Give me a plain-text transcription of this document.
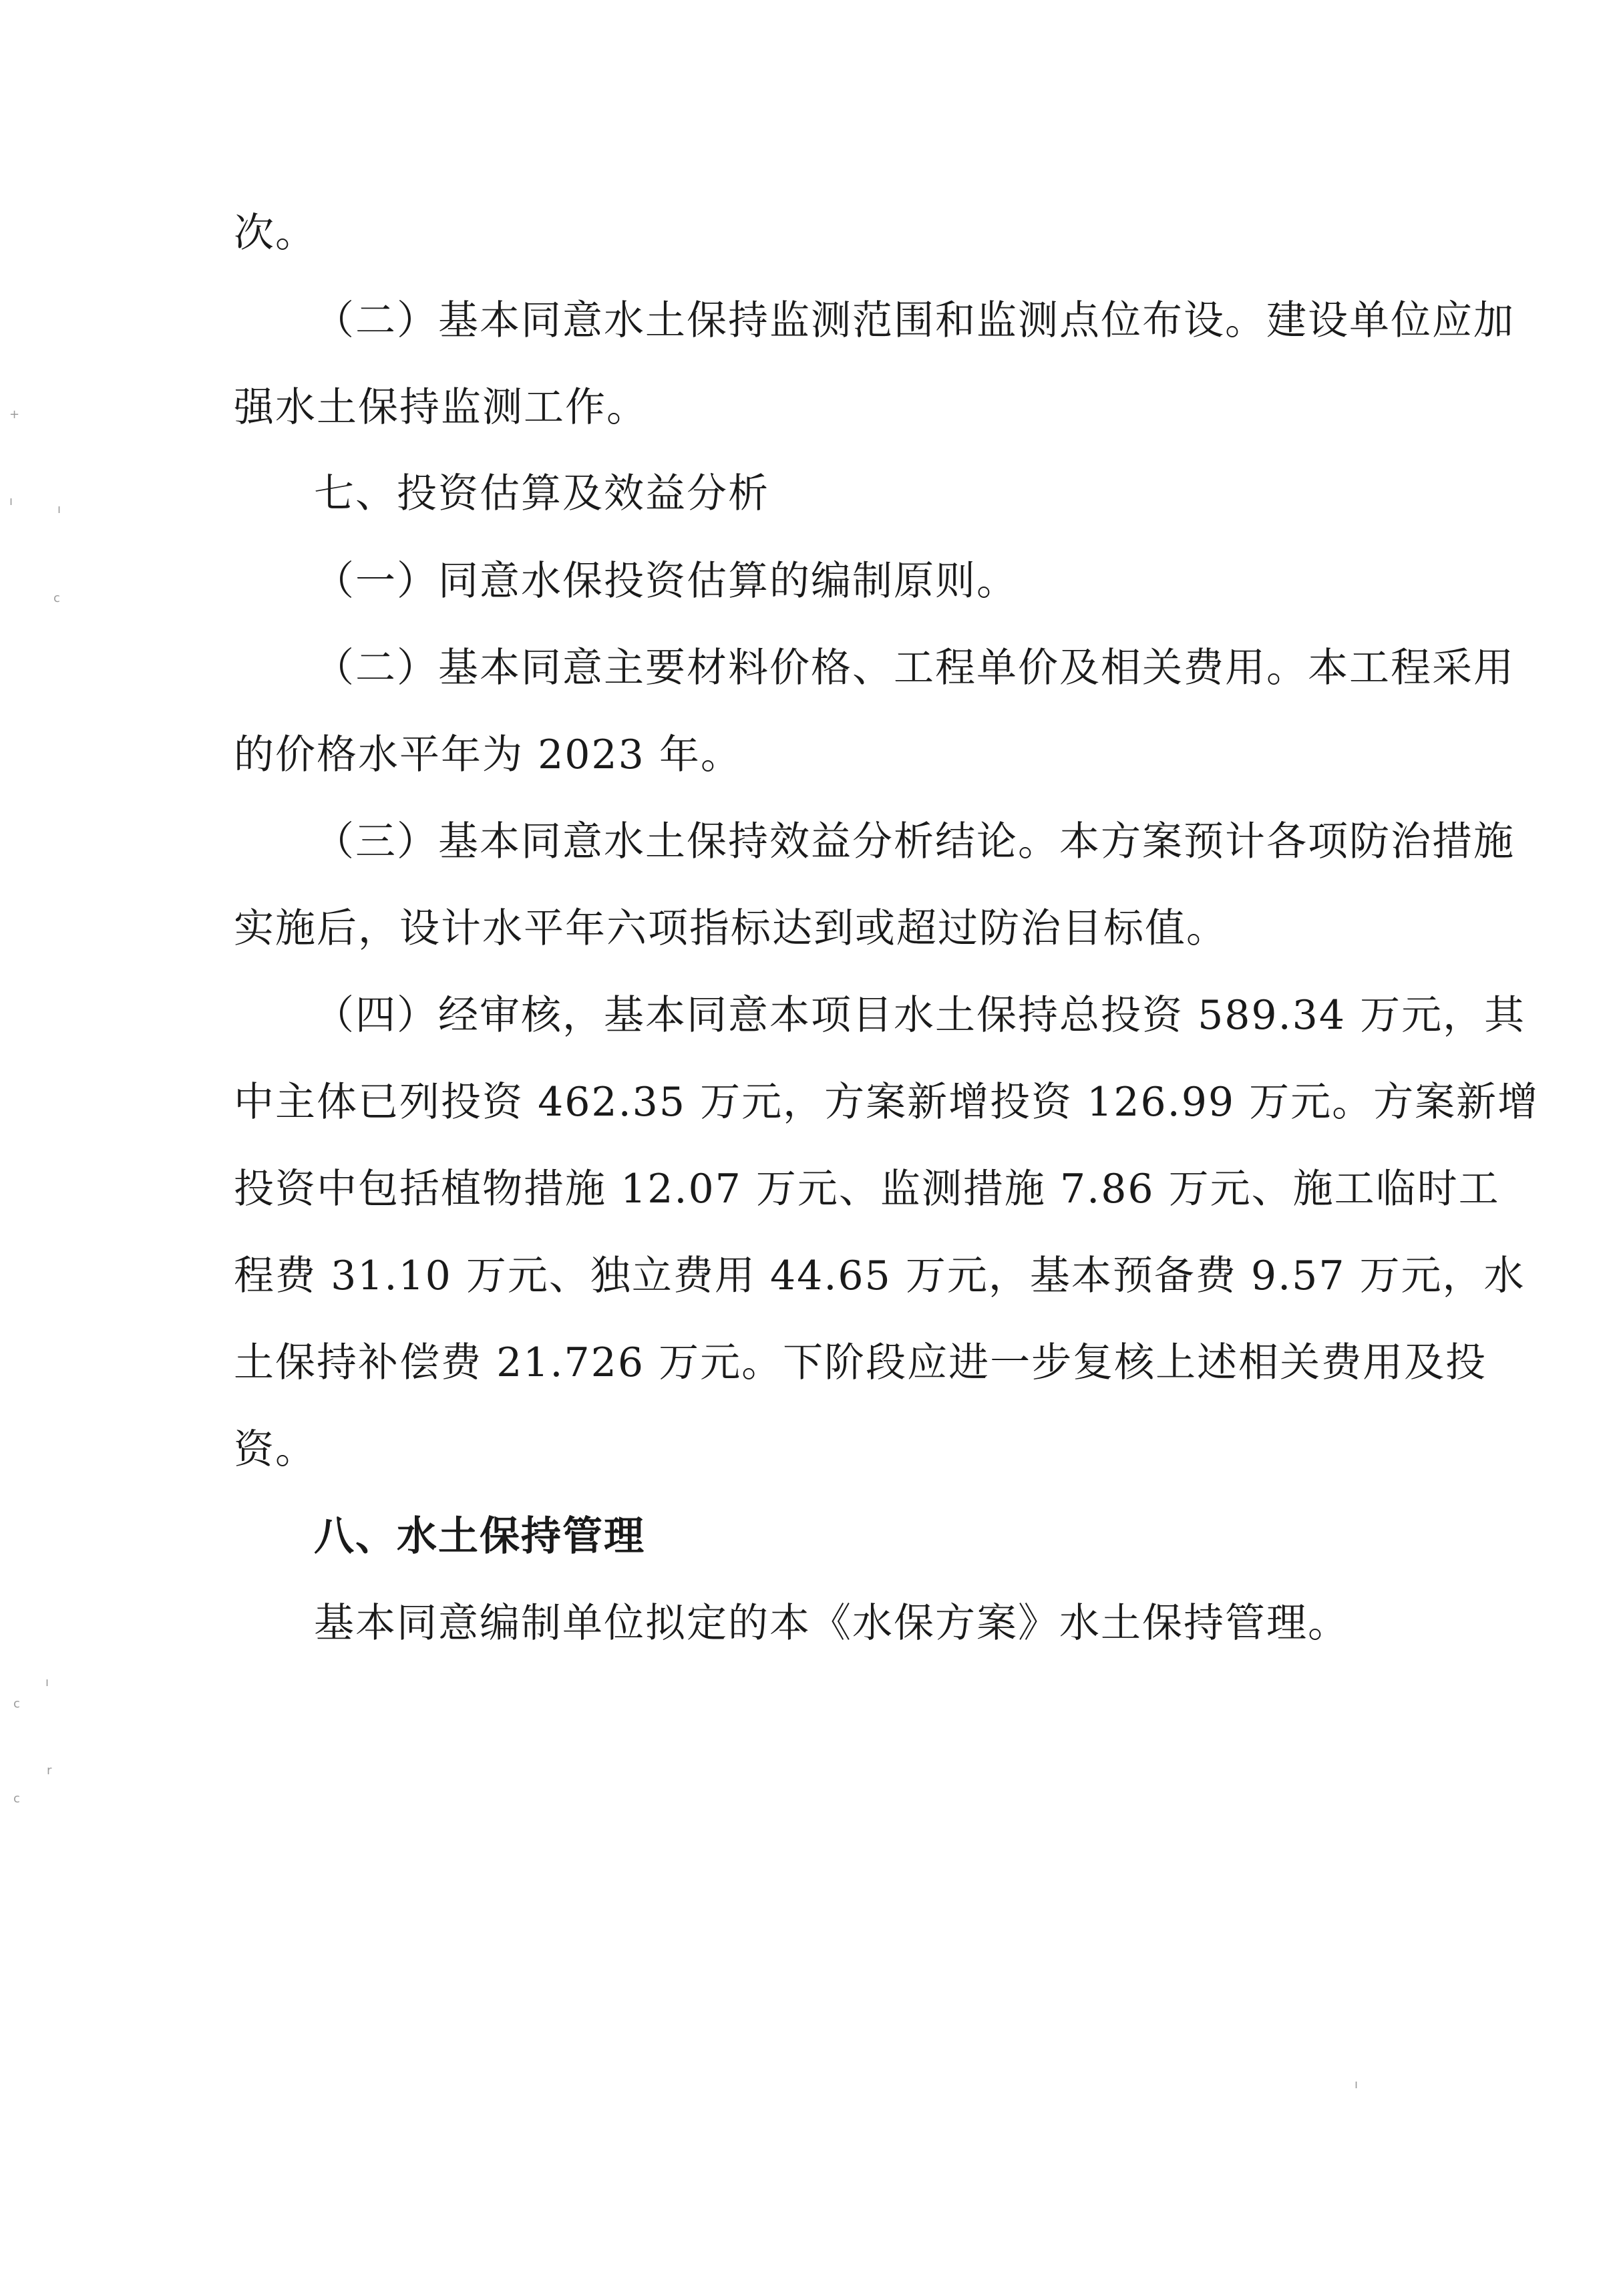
+
ı
ı
c
ı
c
r
c
ı
次。
（二）基本同意水土保持监测范围和监测点位布设。建设单位应加
强水土保持监测工作。
七、投资估算及效益分析
（一）同意水保投资估算的编制原则。
（二）基本同意主要材料价格、工程单价及相关费用。本工程采用
的价格水平年为 2023 年。
（三）基本同意水土保持效益分析结论。本方案预计各项防治措施
实施后，设计水平年六项指标达到或超过防治目标值。
（四）经审核，基本同意本项目水土保持总投资 589.34 万元，其
中主体已列投资 462.35 万元，方案新增投资 126.99 万元。方案新增
投资中包括植物措施 12.07 万元、监测措施 7.86 万元、施工临时工
程费 31.10 万元、独立费用 44.65 万元，基本预备费 9.57 万元，水
土保持补偿费 21.726 万元。下阶段应进一步复核上述相关费用及投
资。
八、水土保持管理
基本同意编制单位拟定的本《水保方案》水土保持管理。
